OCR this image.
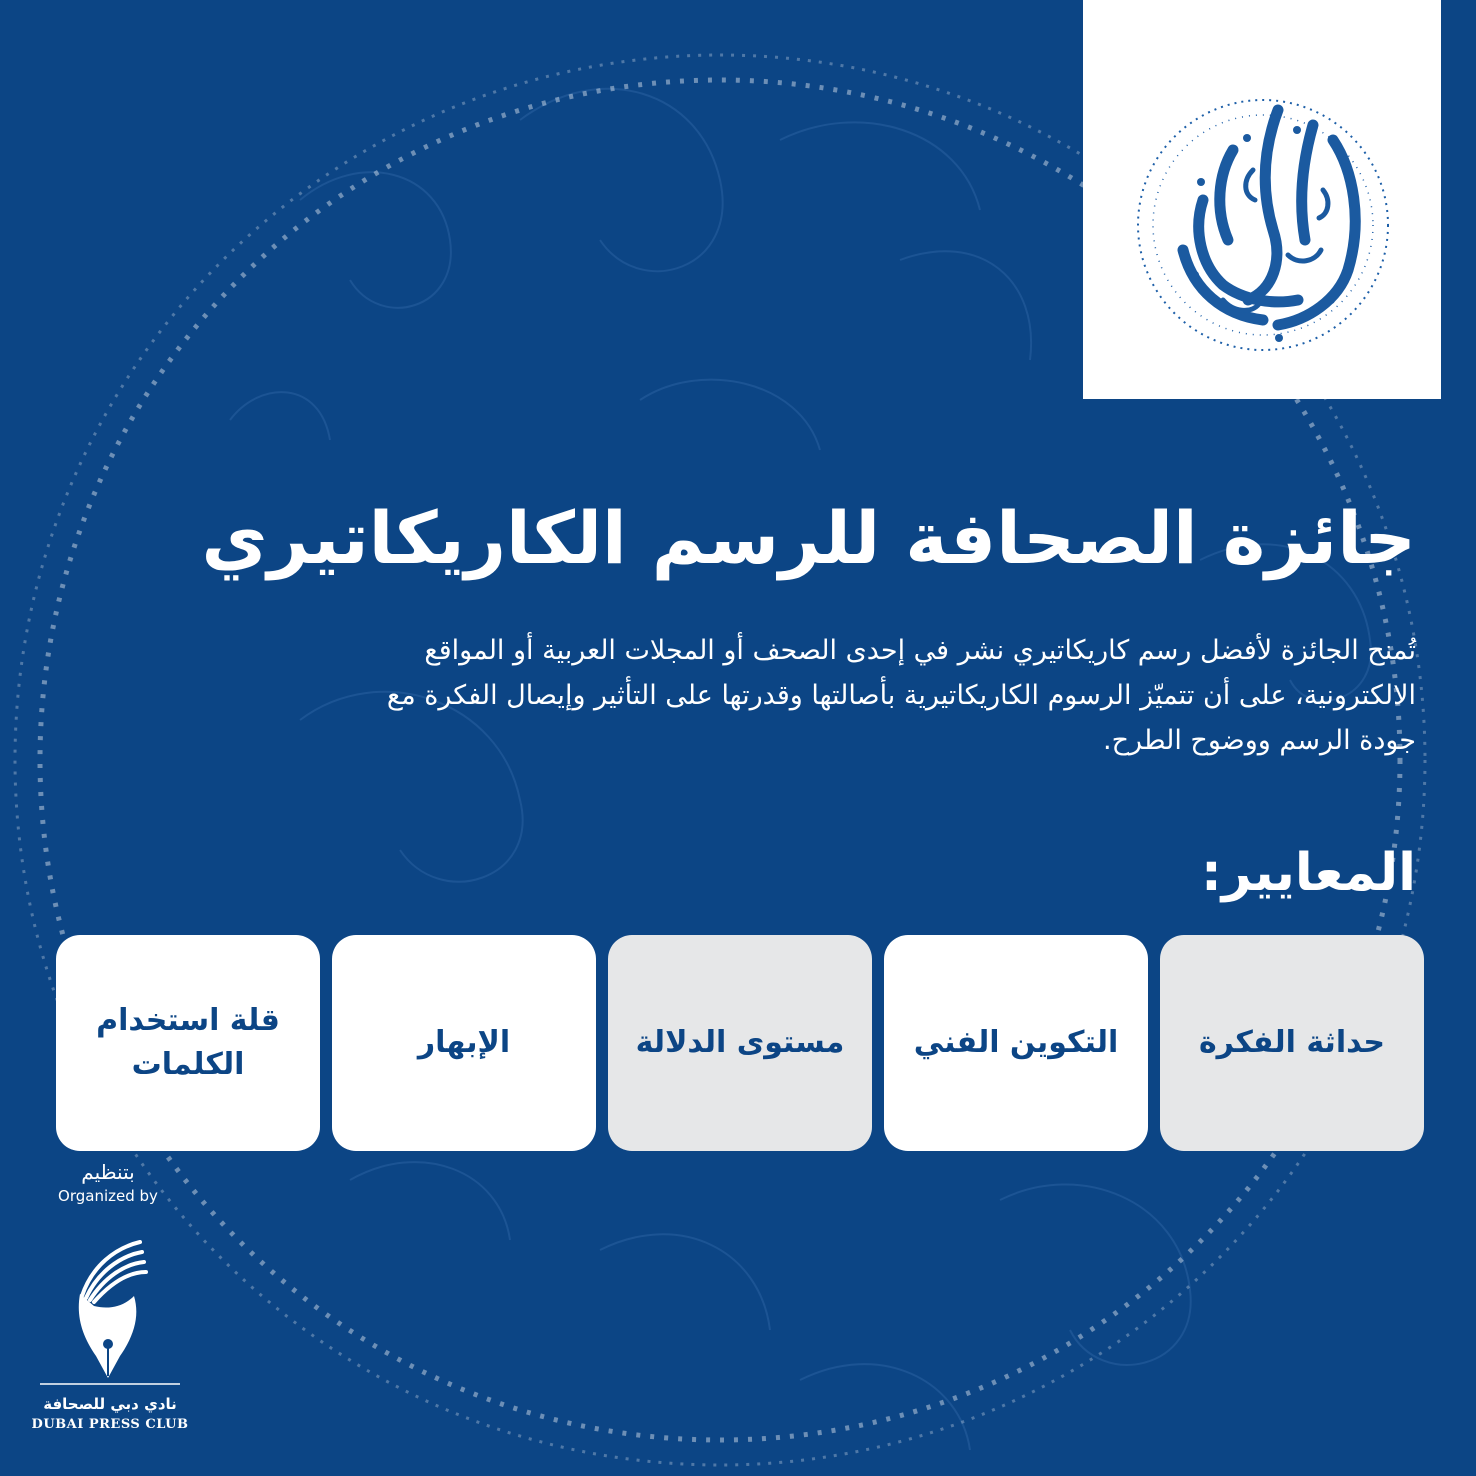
جائزة الصحافة للرسم الكاريكاتيري

تُمنح الجائزة لأفضل رسم كاريكاتيري نشر في إحدى الصحف أو المجلات العربية أو المواقع الالكترونية، على أن تتميّز الرسوم الكاريكاتيرية بأصالتها وقدرتها على التأثير وإيصال الفكرة مع جودة الرسم ووضوح الطرح.

المعايير:
حداثة الفكرة
التكوين الفني
مستوى الدلالة
الإبهار
قلة استخدام الكلمات
بتنظيم
Organized by
نادي دبي للصحافة
DUBAI PRESS CLUB
